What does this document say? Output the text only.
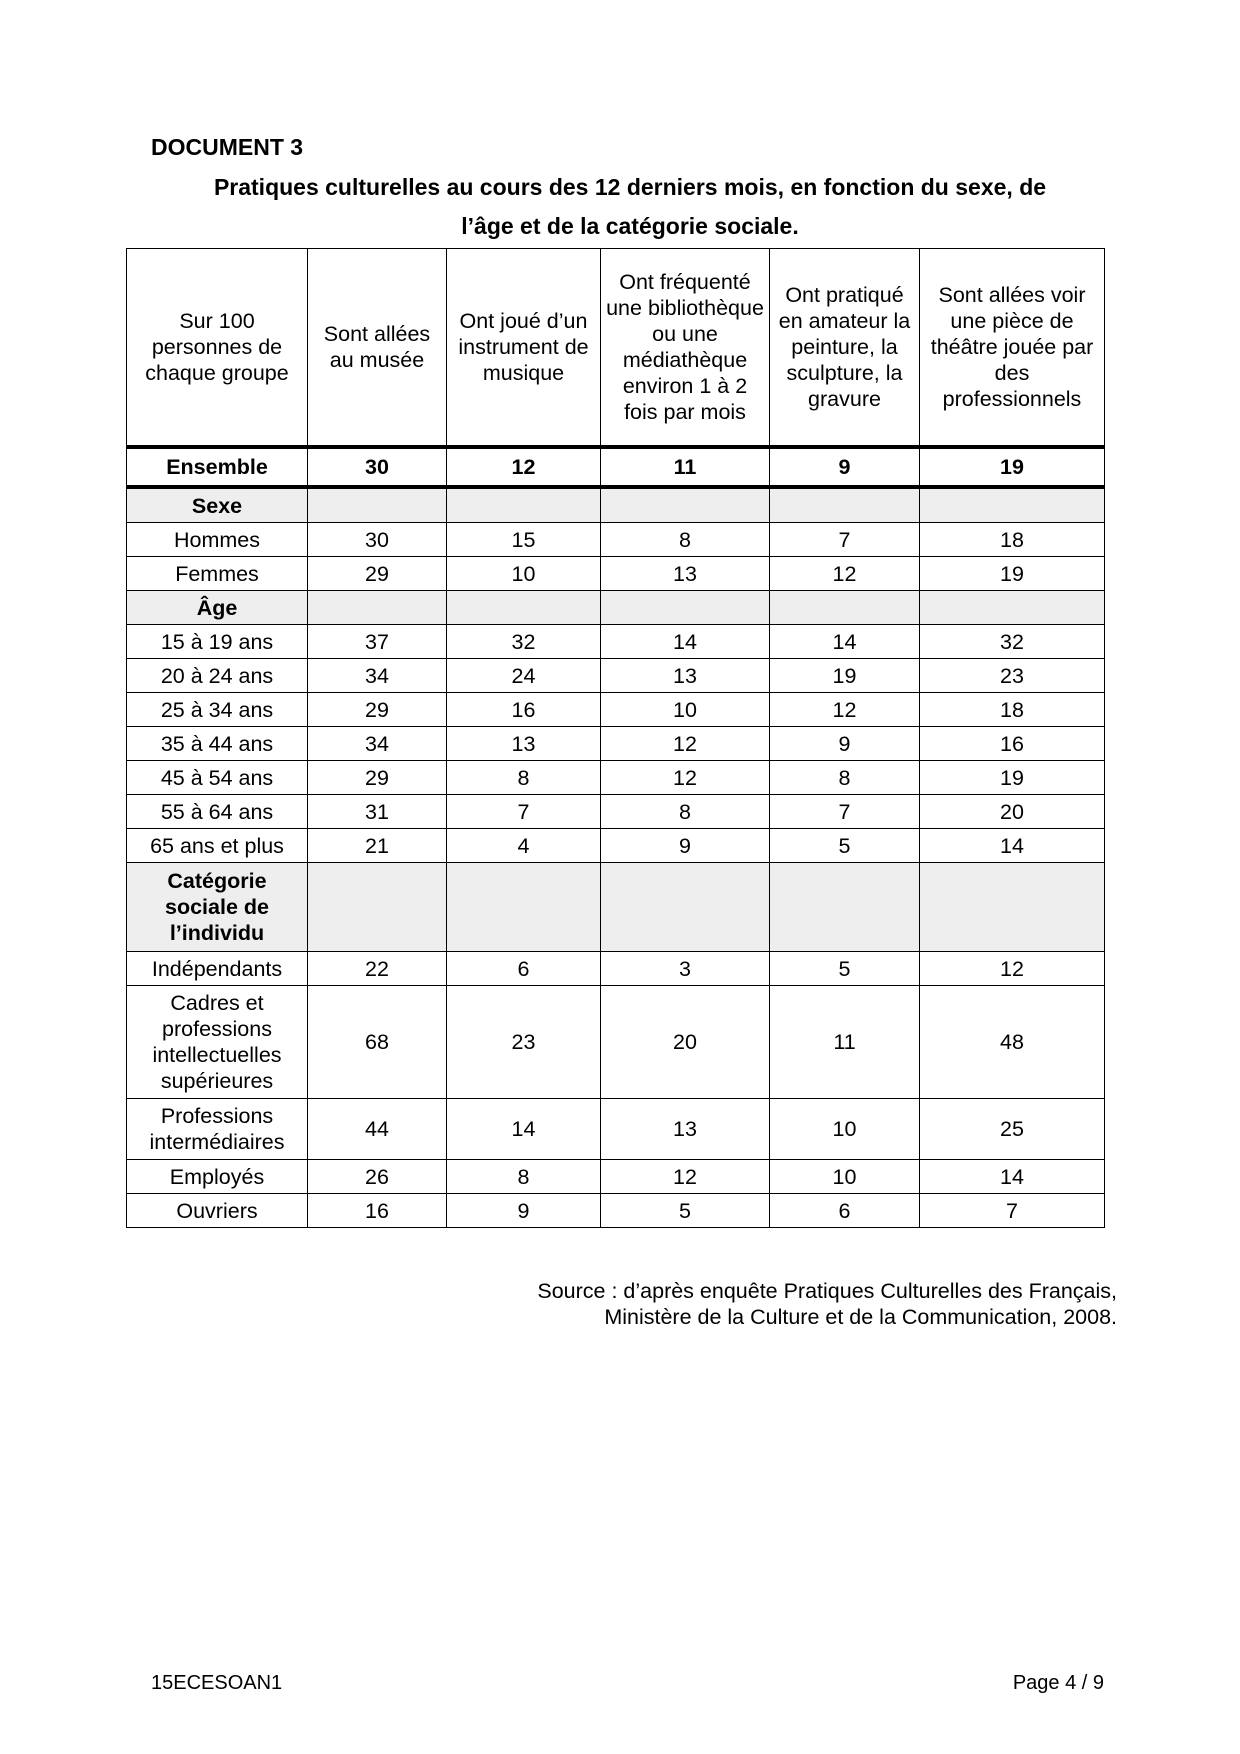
DOCUMENT 3
Pratiques culturelles au cours des 12 derniers mois, en fonction du sexe, de
l’âge et de la catégorie sociale.
Sur 100 personnes de chaque groupe	Sont allées au musée	Ont joué d’un instrument de musique	Ont fréquenté une bibliothèque ou une médiathèque environ 1 à 2 fois par mois	Ont pratiqué en amateur la peinture, la sculpture, la gravure	Sont allées voir une pièce de théâtre jouée par des professionnels
Ensemble	30	12	11	9	19
Sexe					
Hommes	30	15	8	7	18
Femmes	29	10	13	12	19
Âge					
15 à 19 ans	37	32	14	14	32
20 à 24 ans	34	24	13	19	23
25 à 34 ans	29	16	10	12	18
35 à 44 ans	34	13	12	9	16
45 à 54 ans	29	8	12	8	19
55 à 64 ans	31	7	8	7	20
65 ans et plus	21	4	9	5	14
Catégorie sociale de l’individu					
Indépendants	22	6	3	5	12
Cadres et professions intellectuelles supérieures	68	23	20	11	48
Professions intermédiaires	44	14	13	10	25
Employés	26	8	12	10	14
Ouvriers	16	9	5	6	7
Source : d’après enquête Pratiques Culturelles des Français,
Ministère de la Culture et de la Communication, 2008.
15ECESOAN1	Page 4 / 9
